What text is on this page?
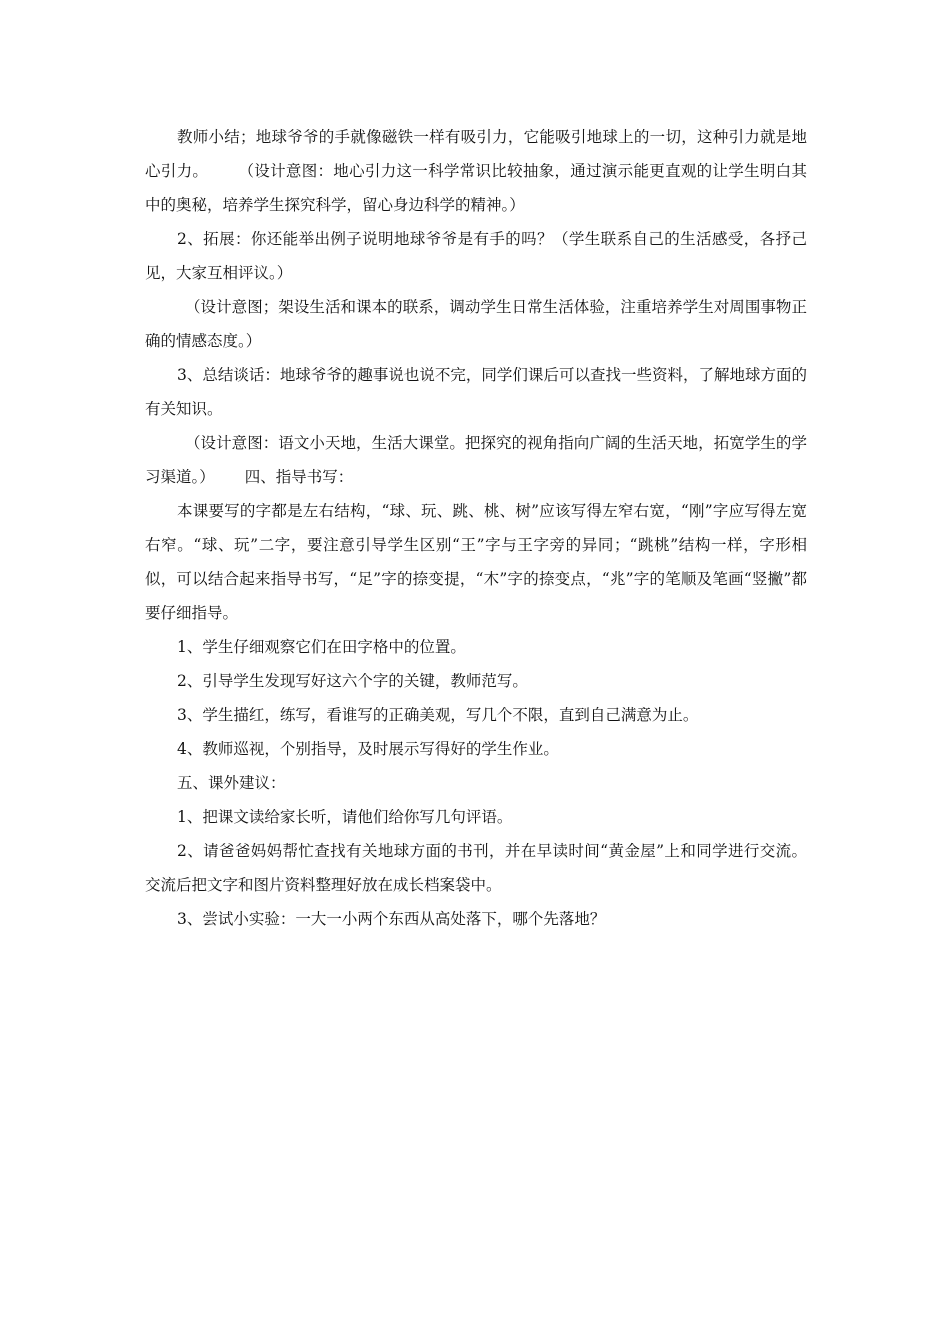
教师小结；地球爷爷的手就像磁铁一样有吸引力，它能吸引地球上的一切，这种引力就是地心引力。 （设计意图：地心引力这一科学常识比较抽象，通过演示能更直观的让学生明白其中的奥秘，培养学生探究科学，留心身边科学的精神。）

2、拓展：你还能举出例子说明地球爷爷是有手的吗？（学生联系自己的生活感受，各抒己见，大家互相评议。）

（设计意图；架设生活和课本的联系，调动学生日常生活体验，注重培养学生对周围事物正确的情感态度。）

3、总结谈话：地球爷爷的趣事说也说不完，同学们课后可以查找一些资料，了解地球方面的有关知识。

（设计意图：语文小天地，生活大课堂。把探究的视角指向广阔的生活天地，拓宽学生的学习渠道。） 四、指导书写：

本课要写的字都是左右结构，“球、玩、跳、桃、树”应该写得左窄右宽，“刚”字应写得左宽右窄。“球、玩”二字，要注意引导学生区别“王”字与王字旁的异同；“跳桃”结构一样，字形相似，可以结合起来指导书写，“足”字的捺变提，“木”字的捺变点，“兆”字的笔顺及笔画“竖撇”都要仔细指导。

1、学生仔细观察它们在田字格中的位置。

2、引导学生发现写好这六个字的关键，教师范写。

3、学生描红，练写，看谁写的正确美观，写几个不限，直到自己满意为止。

4、教师巡视，个别指导，及时展示写得好的学生作业。

五、课外建议：

1、把课文读给家长听，请他们给你写几句评语。

2、请爸爸妈妈帮忙查找有关地球方面的书刊，并在早读时间“黄金屋”上和同学进行交流。交流后把文字和图片资料整理好放在成长档案袋中。

3、尝试小实验：一大一小两个东西从高处落下，哪个先落地？
